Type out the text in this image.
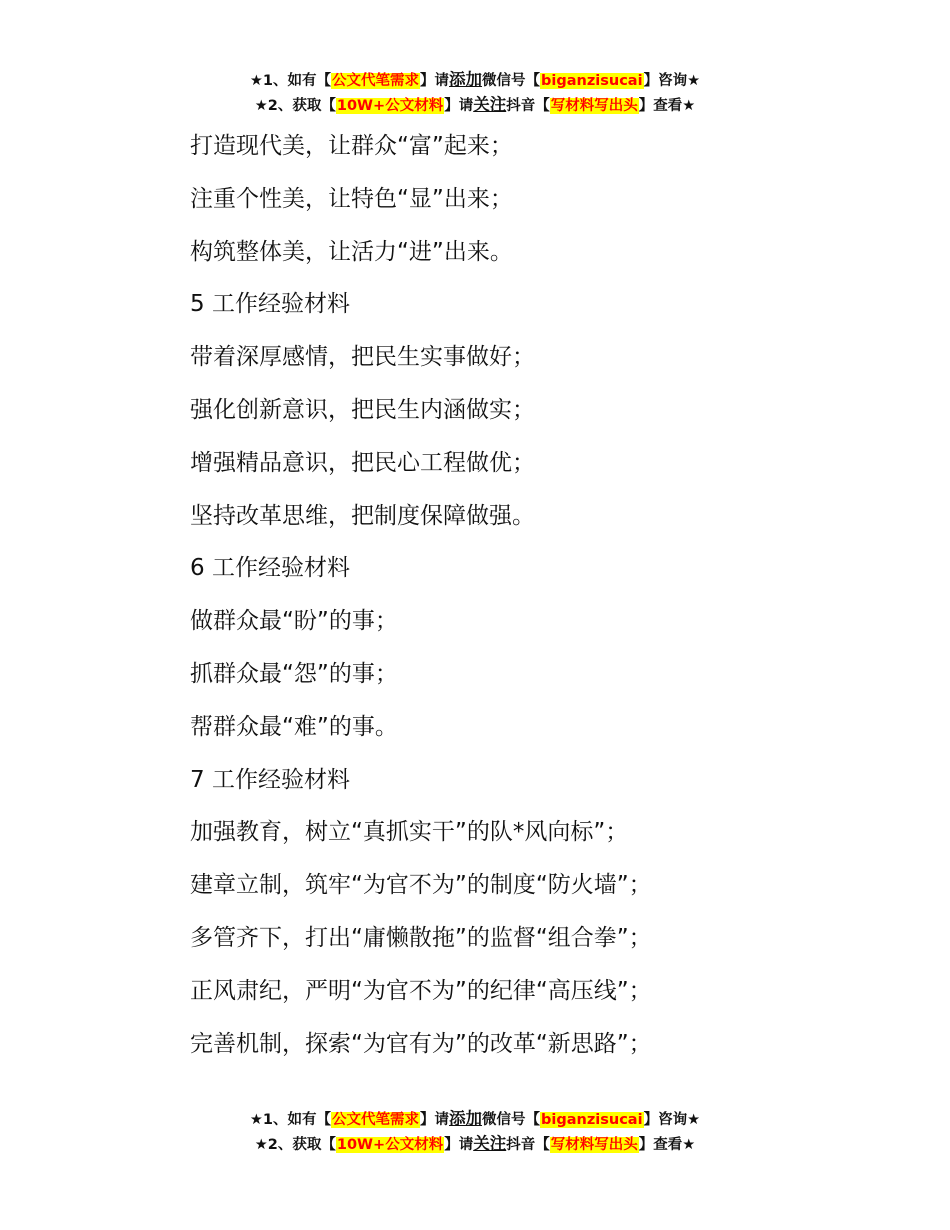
★1、如有【公文代笔需求】请添加微信号【biganzisucai】咨询★
★2、获取【10W+公文材料】请关注抖音【写材料写出头】查看★
打造现代美，让群众“富”起来；
注重个性美，让特色“显”出来；
构筑整体美，让活力“进”出来。
5 工作经验材料
带着深厚感情，把民生实事做好；
强化创新意识，把民生内涵做实；
增强精品意识，把民心工程做优；
坚持改革思维，把制度保障做强。
6 工作经验材料
做群众最“盼”的事；
抓群众最“怨”的事；
帮群众最“难”的事。
7 工作经验材料
加强教育，树立“真抓实干”的队*风向标”；
建章立制，筑牢“为官不为”的制度“防火墙”；
多管齐下，打出“庸懒散拖”的监督“组合拳”；
正风肃纪，严明“为官不为”的纪律“高压线”；
完善机制，探索“为官有为”的改革“新思路”；
★1、如有【公文代笔需求】请添加微信号【biganzisucai】咨询★
★2、获取【10W+公文材料】请关注抖音【写材料写出头】查看★
